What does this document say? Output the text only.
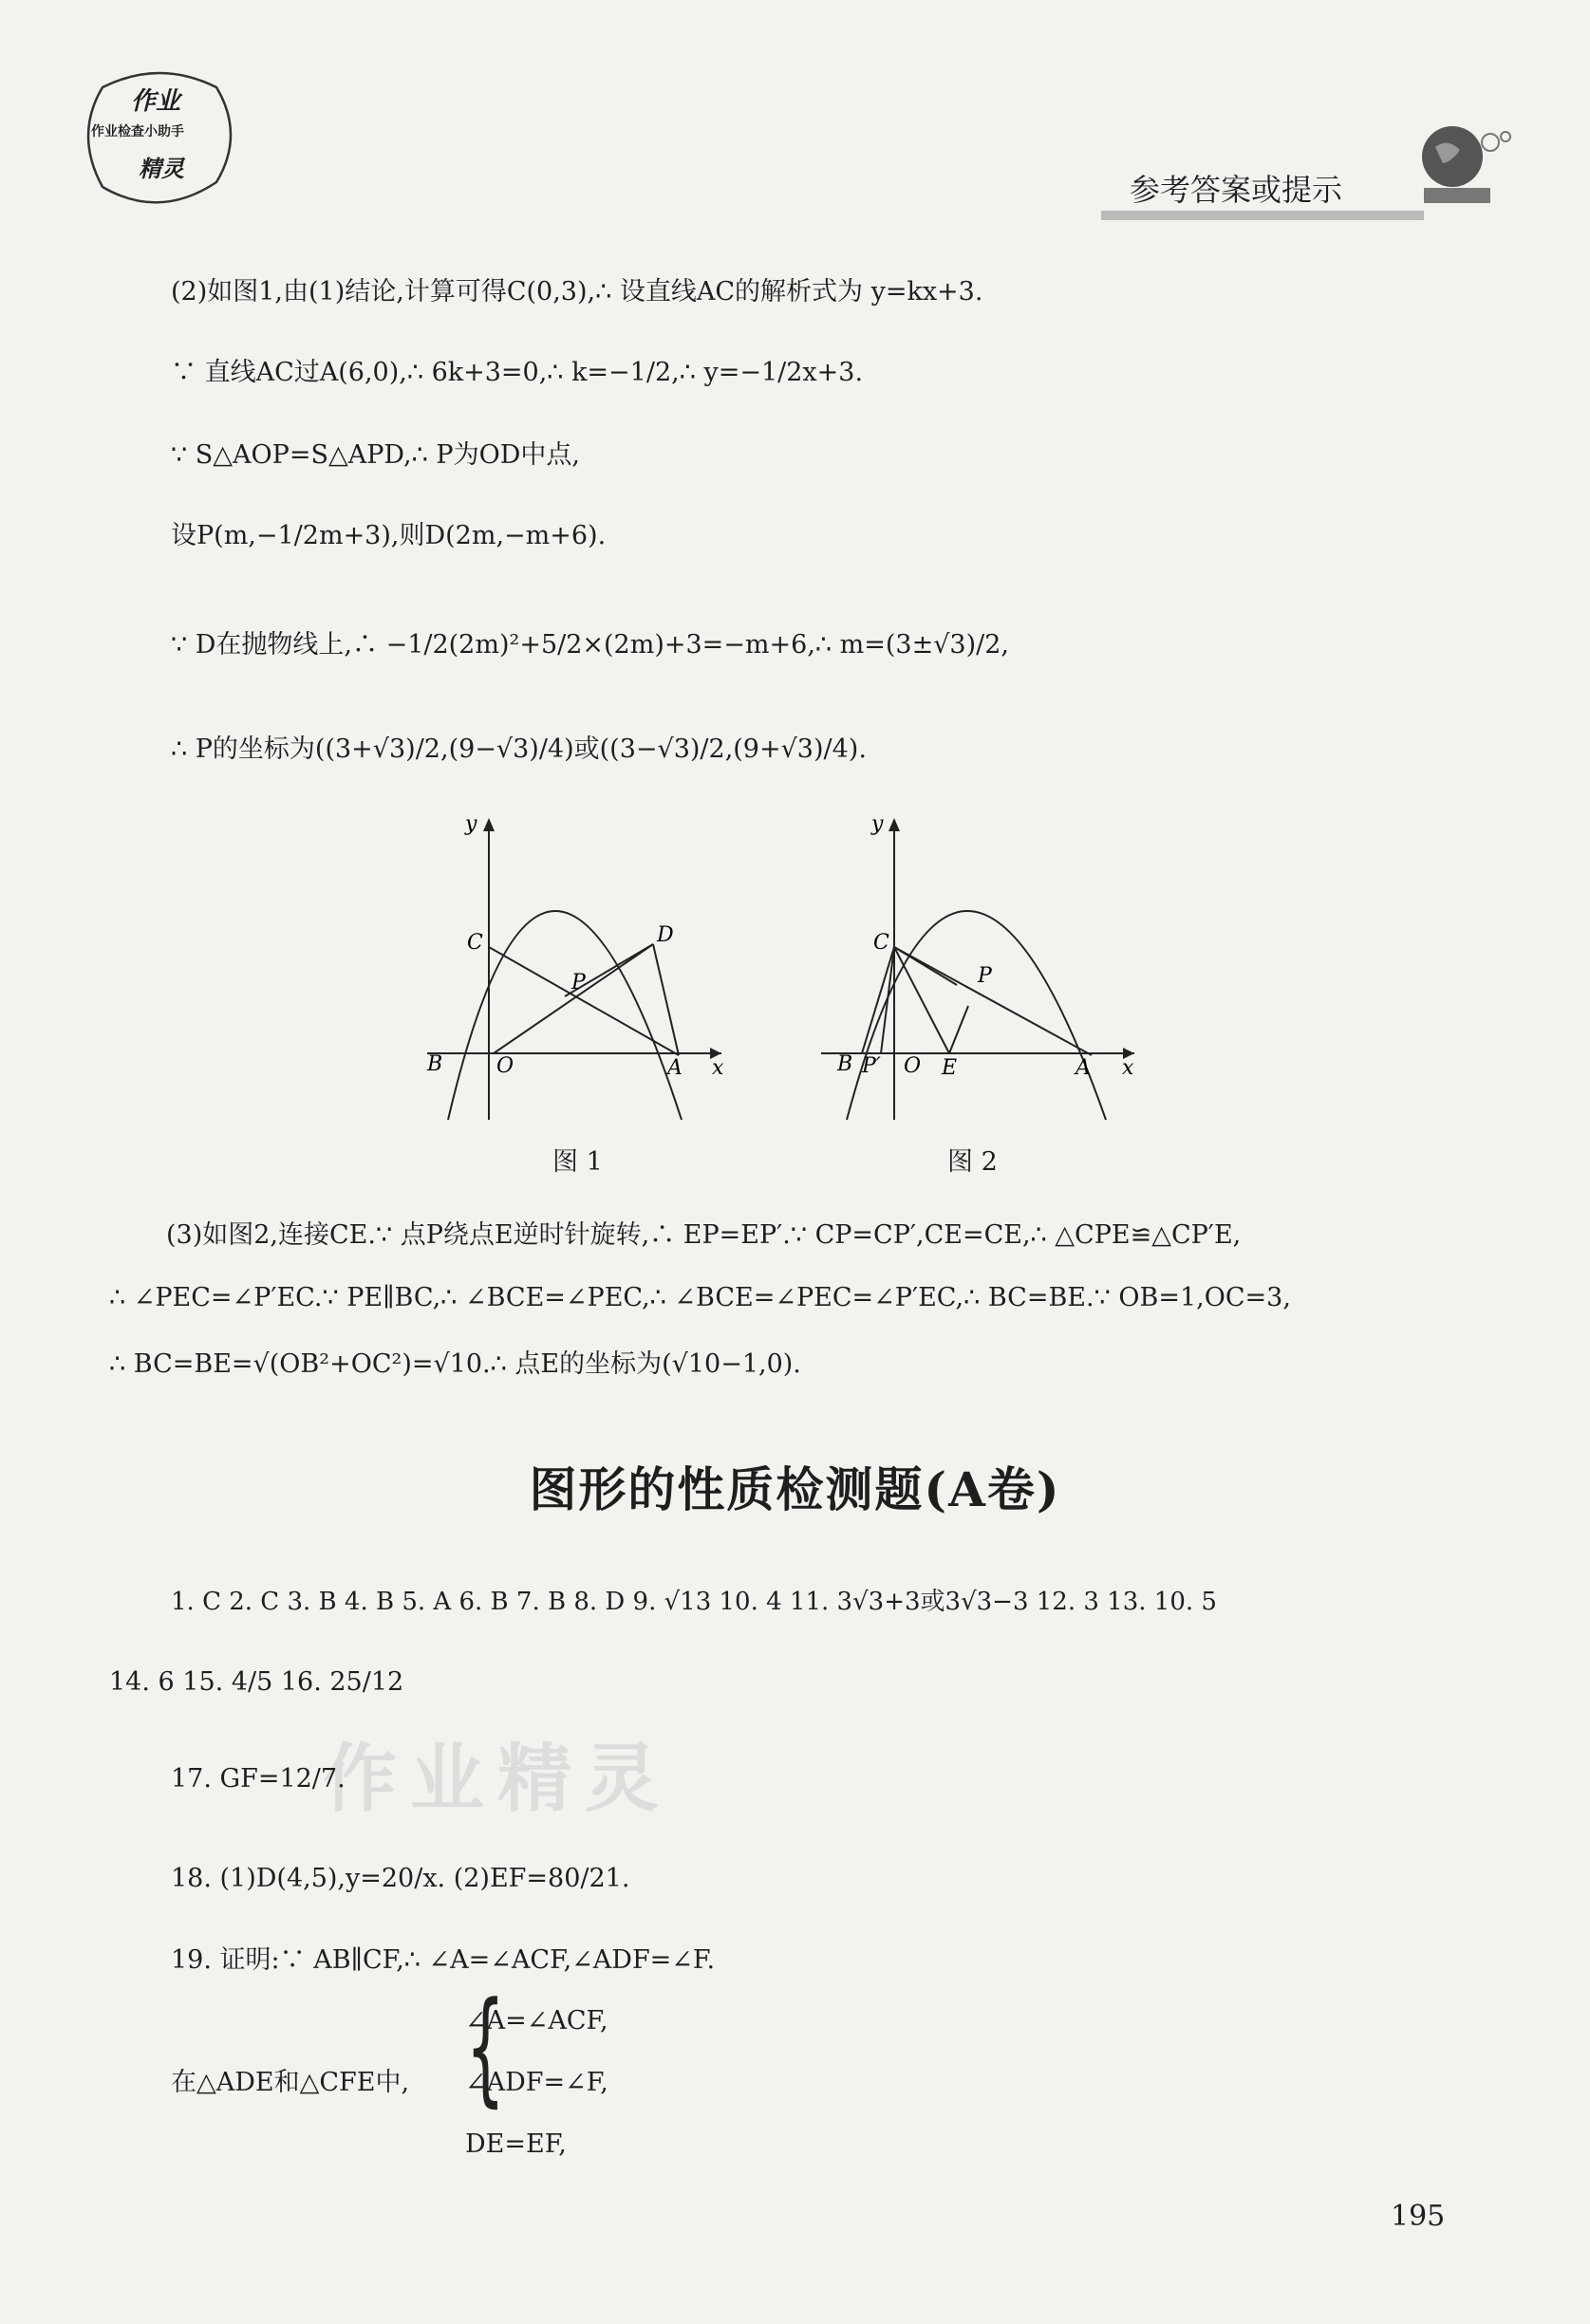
作业
作业检查小助手
精灵
参考答案或提示
(2)如图1,由(1)结论,计算可得C(0,3),∴ 设直线AC的解析式为 y=kx+3.
∵ 直线AC过A(6,0),∴ 6k+3=0,∴ k=−1/2,∴ y=−1/2x+3.
∵ S△AOP=S△APD,∴ P为OD中点,
设P(m,−1/2m+3),则D(2m,−m+6).
∵ D在抛物线上,∴ −1/2(2m)²+5/2×(2m)+3=−m+6,∴ m=(3±√3)/2,
∴ P的坐标为((3+√3)/2,(9−√3)/4)或((3−√3)/2,(9+√3)/4).
y
C	D
P
B	O	A x
y
C
P
B P′ O E	A x
图 1	图 2
(3)如图2,连接CE.∵ 点P绕点E逆时针旋转,∴ EP=EP′.∵ CP=CP′,CE=CE,∴ △CPE≌△CP′E,
∴ ∠PEC=∠P′EC.∵ PE∥BC,∴ ∠BCE=∠PEC,∴ ∠BCE=∠PEC=∠P′EC,∴ BC=BE.∵ OB=1,OC=3,
∴ BC=BE=√(OB²+OC²)=√10.∴ 点E的坐标为(√10−1,0).
图形的性质检测题(A卷)
1. C 2. C 3. B 4. B 5. A 6. B 7. B 8. D 9. √13 10. 4 11. 3√3+3或3√3−3 12. 3 13. 10. 5
14. 6 15. 4/5 16. 25/12
作业精灵
17. GF=12/7.
18. (1)D(4,5),y=20/x. (2)EF=80/21.
19. 证明:∵ AB∥CF,∴ ∠A=∠ACF,∠ADF=∠F.
∠A=∠ACF,
在△ADE和△CFE中, {
∠ADF=∠F,
DE=EF,
195
